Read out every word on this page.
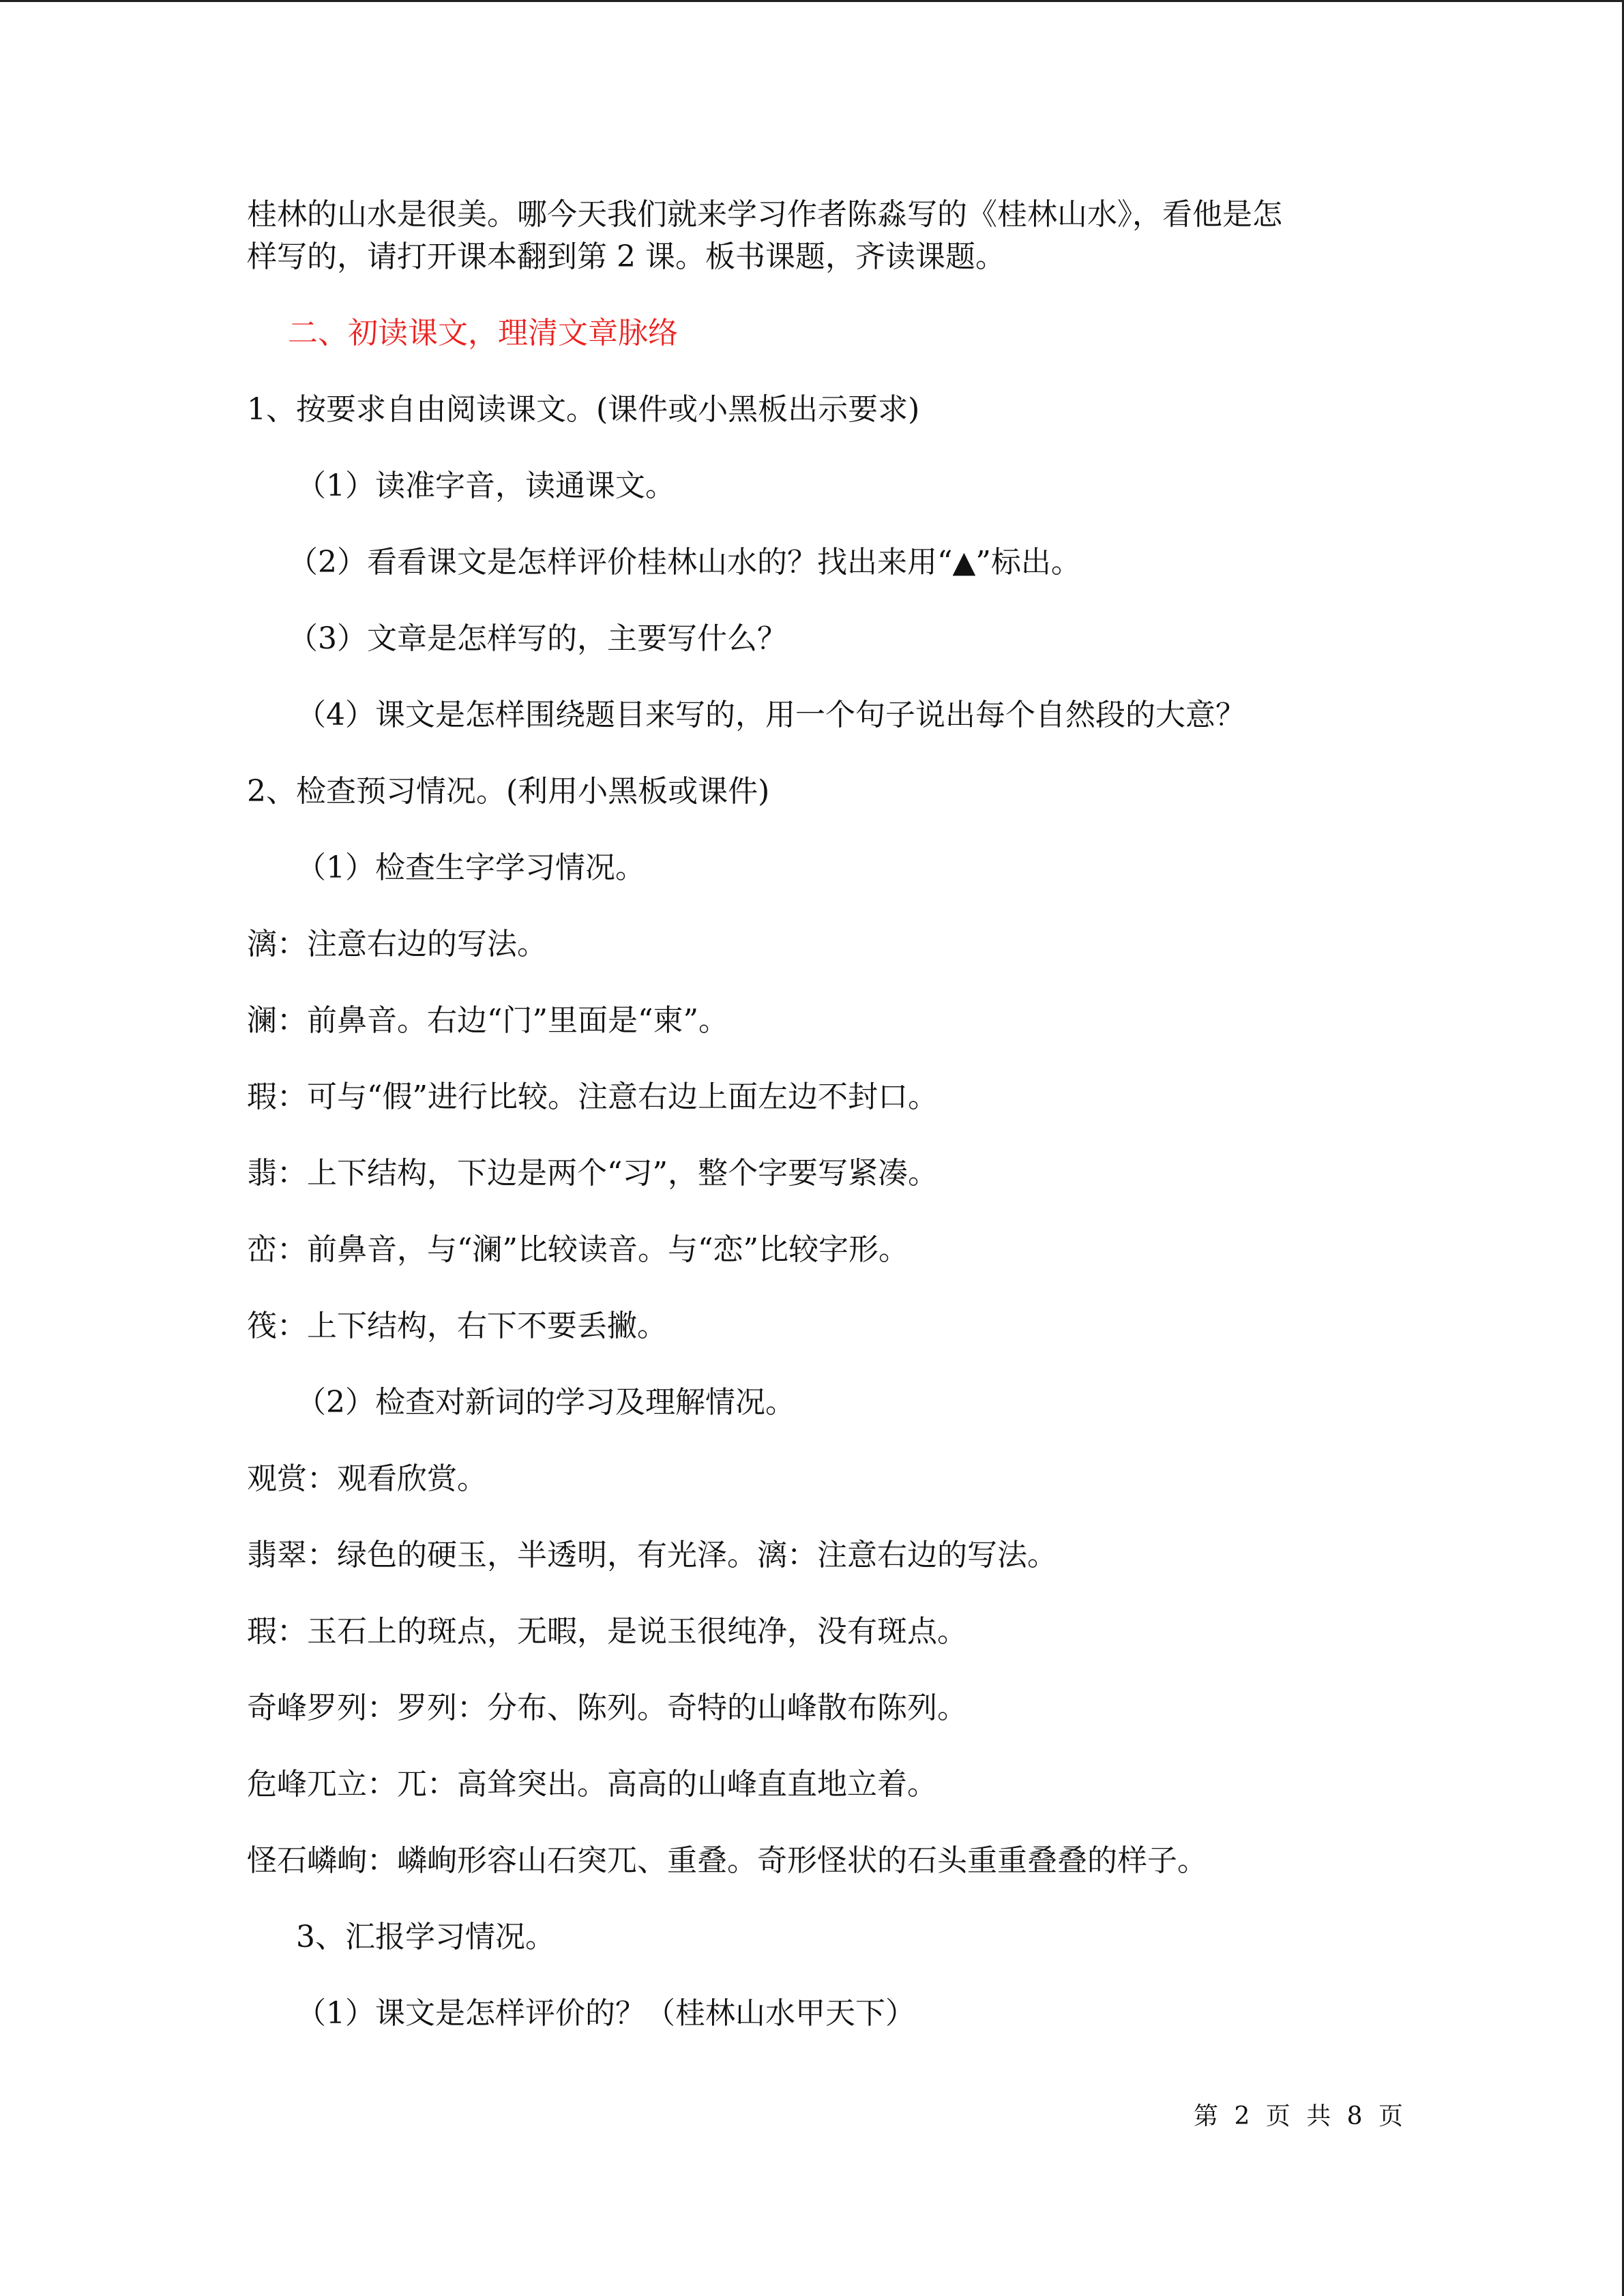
桂林的山水是很美。哪今天我们就来学习作者陈淼写的《桂林山水》，看他是怎

样写的，请打开课本翻到第 2 课。板书课题，齐读课题。

二、初读课文，理清文章脉络

1、按要求自由阅读课文。(课件或小黑板出示要求)

（1）读准字音，读通课文。

（2）看看课文是怎样评价桂林山水的？找出来用“▲”标出。

（3）文章是怎样写的，主要写什么？

（4）课文是怎样围绕题目来写的，用一个句子说出每个自然段的大意？

2、检查预习情况。(利用小黑板或课件)

（1）检查生字学习情况。

漓：注意右边的写法。

澜：前鼻音。右边“门”里面是“柬”。

瑕：可与“假”进行比较。注意右边上面左边不封口。

翡：上下结构，下边是两个“习”，整个字要写紧凑。

峦：前鼻音，与“澜”比较读音。与“恋”比较字形。

筏：上下结构，右下不要丢撇。

（2）检查对新词的学习及理解情况。

观赏：观看欣赏。

翡翠：绿色的硬玉，半透明，有光泽。漓：注意右边的写法。

瑕：玉石上的斑点，无暇，是说玉很纯净，没有斑点。

奇峰罗列：罗列：分布、陈列。奇特的山峰散布陈列。

危峰兀立：兀：高耸突出。高高的山峰直直地立着。

怪石嶙峋：嶙峋形容山石突兀、重叠。奇形怪状的石头重重叠叠的样子。

3、汇报学习情况。

（1）课文是怎样评价的？（桂林山水甲天下）

第 2 页 共 8 页
